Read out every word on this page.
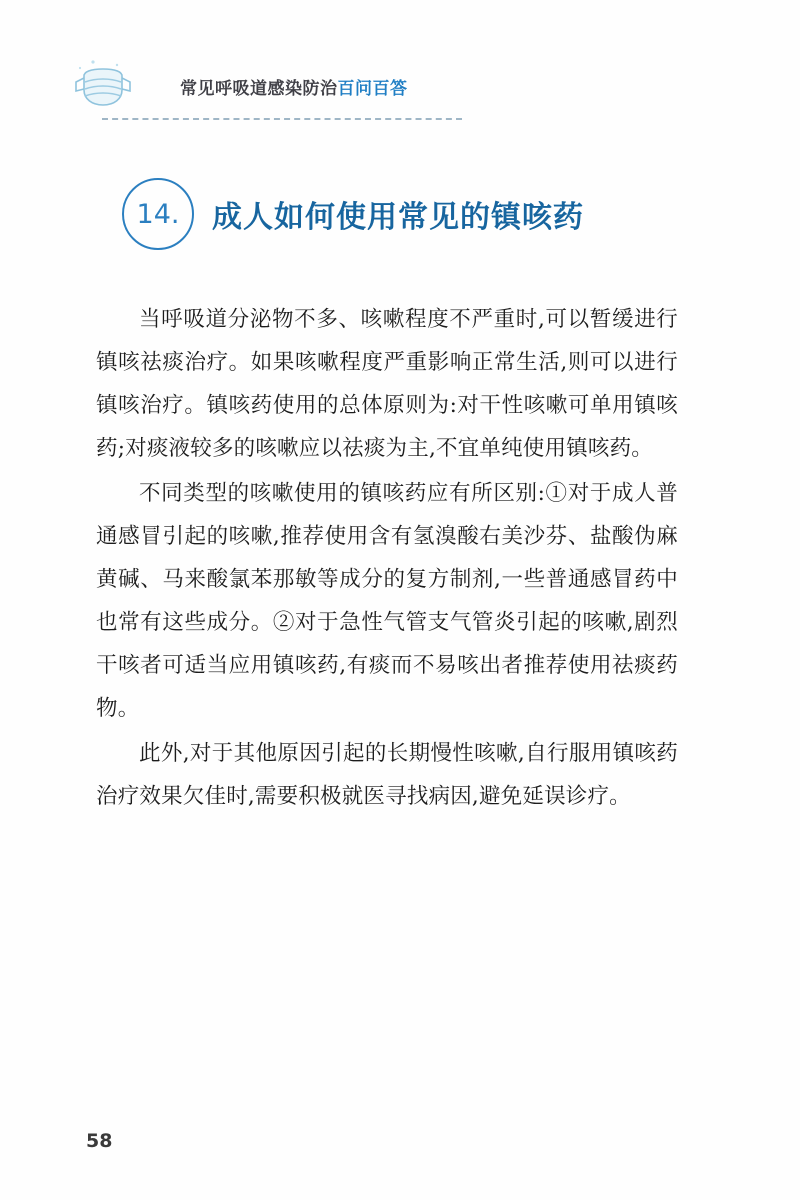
常见呼吸道感染防治百问百答
14.	成人如何使用常见的镇咳药

当呼吸道分泌物不多、咳嗽程度不严重时,可以暂缓进行镇咳祛痰治疗。如果咳嗽程度严重影响正常生活,则可以进行镇咳治疗。镇咳药使用的总体原则为:对干性咳嗽可单用镇咳药;对痰液较多的咳嗽应以祛痰为主,不宜单纯使用镇咳药。

不同类型的咳嗽使用的镇咳药应有所区别:①对于成人普通感冒引起的咳嗽,推荐使用含有氢溴酸右美沙芬、盐酸伪麻黄碱、马来酸氯苯那敏等成分的复方制剂,一些普通感冒药中也常有这些成分。②对于急性气管支气管炎引起的咳嗽,剧烈干咳者可适当应用镇咳药,有痰而不易咳出者推荐使用祛痰药物。

此外,对于其他原因引起的长期慢性咳嗽,自行服用镇咳药治疗效果欠佳时,需要积极就医寻找病因,避免延误诊疗。

58
